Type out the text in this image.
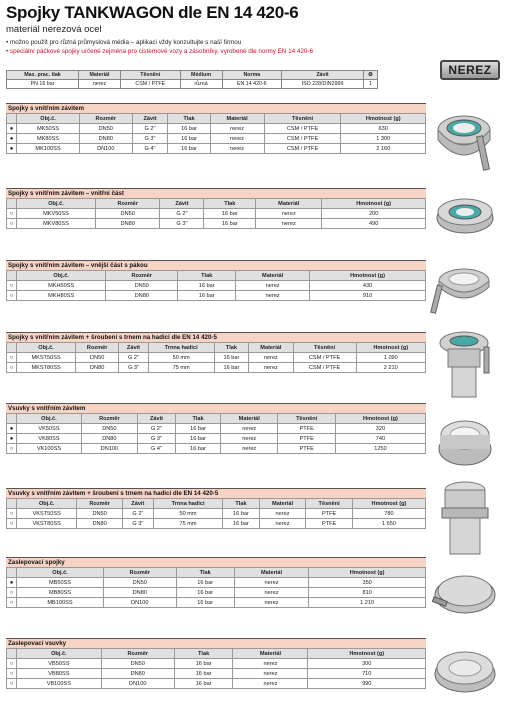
Spojky TANKWAGON dle EN 14 420-6
materiál nerezová ocel
• možno použít pro různá průmyslová média – aplikaci vždy konzultujte s naší firmou
• speciální páčkové spojky určené zejména pro cisternové vozy a zásobníky, vyrobené dle normy EN 14 420-6
NEREZ
Max. prac. tlak	Materiál	Těsnění	Médium	Norma	Závit	⚙
PN 16 bar	nerez	CSM / PTFE	různá	EN 14 420-6	ISO 228/DIN2999	1
Spojky s vnitřním závitem
	Obj.č.	Rozměr	Závit	Tlak	Materiál	Těsnění	Hmotnost (g)
●	MK50SS	DN50	G 2"	16 bar	nerez	CSM / PTFE	630
●	MK80SS	DN80	G 3"	16 bar	nerez	CSM / PTFE	1 300
●	MK100SS	DN100	G 4"	16 bar	nerez	CSM / PTFE	2 160
Spojky s vnitřním závitem – vnitřní část
	Obj.č.	Rozměr	Závit	Tlak	Materiál	Hmotnost (g)
○	MKV50SS	DN50	G 2"	16 bar	nerez	200
○	MKV80SS	DN80	G 3"	16 bar	nerez	490
Spojky s vnitřním závitem – vnější část s pákou
	Obj.č.	Rozměr	Tlak	Materiál	Hmotnost (g)
○	MKH50SS	DN50	16 bar	nerez	430
○	MKH80SS	DN80	16 bar	nerez	910
Spojky s vnitřním závitem + šroubení s trnem na hadici dle EN 14 420-5
	Obj.č.	Rozměr	Závit	Trnna hadici	Tlak	Materiál	Těsnění	Hmotnost (g)
○	MKST50SS	DN50	G 2"	50 mm	16 bar	nerez	CSM / PTFE	1 090
○	MKST80SS	DN80	G 3"	75 mm	16 bar	nerez	CSM / PTFE	2 210
Vsuvky s vnitřním závitem
	Obj.č.	Rozměr	Závit	Tlak	Materiál	Těsnění	Hmotnost (g)
●	VK50SS	DN50	G 2"	16 bar	nerez	PTFE	320
●	VK80SS	DN80	G 3"	16 bar	nerez	PTFE	740
○	VK100SS	DN100	G 4"	16 bar	nerez	PTFE	1250
Vsuvky s vnitřním závitem + šroubení s trnem na hadici dle EN 14 420-5
	Obj.č.	Rozměr	Závit	Trnna hadici	Tlak	Materiál	Těsnění	Hmotnost (g)
○	VKST50SS	DN50	G 2"	50 mm	16 bar	nerez	PTFE	780
○	VKST80SS	DN80	G 3"	75 mm	16 bar	nerez	PTFE	1 650
Zaslepovací spojky
	Obj.č.	Rozměr	Tlak	Materiál	Hmotnost (g)
●	MB50SS	DN50	16 bar	nerez	350
○	MB80SS	DN80	16 bar	nerez	810
○	MB100SS	DN100	16 bar	nerez	1 210
Zaslepovací vsuvky
	Obj.č.	Rozměr	Tlak	Materiál	Hmotnost (g)
○	VB50SS	DN50	16 bar	nerez	300
○	VB80SS	DN80	16 bar	nerez	710
○	VB100SS	DN100	16 bar	nerez	990
